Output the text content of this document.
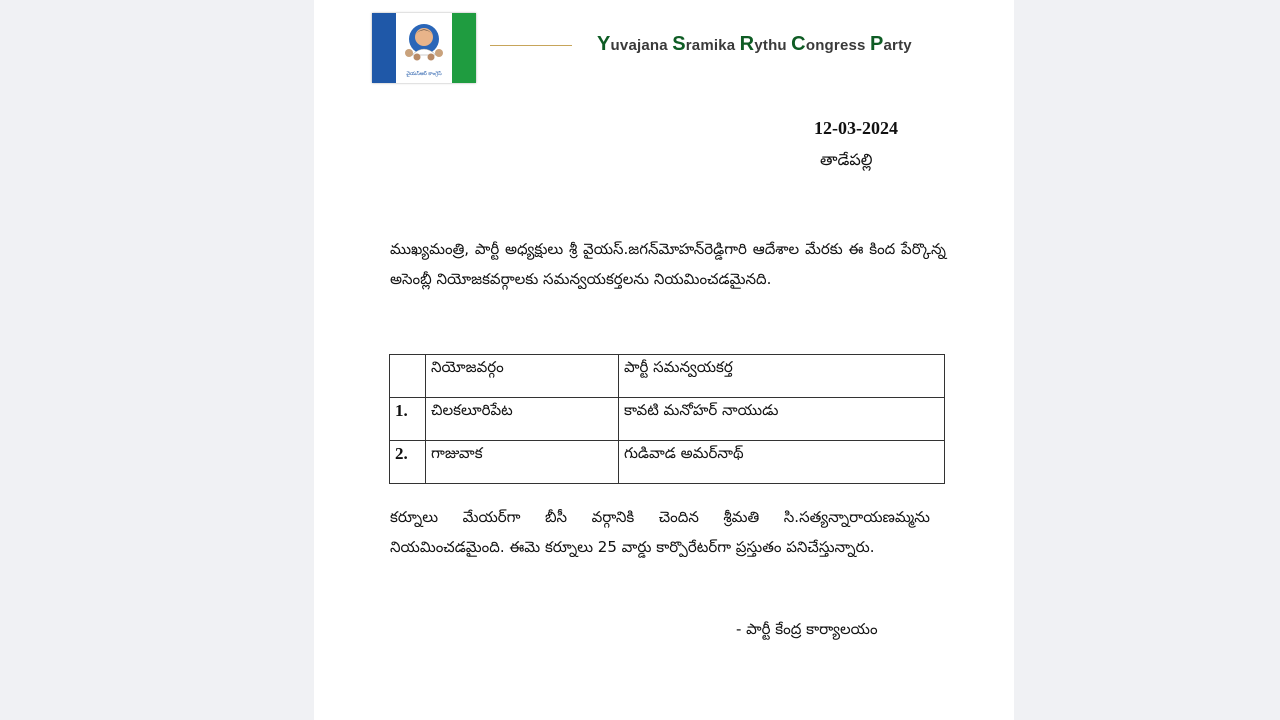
వైయస్ఆర్ కాంగ్రెస్
Yuvajana Sramika Rythu Congress Party
12-03-2024
తాడేపల్లి
ముఖ్యమంత్రి, పార్టీ అధ్యక్షులు శ్రీ వైయస్.జగన్‌మోహన్‌రెడ్డిగారి ఆదేశాల మేరకు ఈ కింద పేర్కొన్న అసెంబ్లీ నియోజకవర్గాలకు సమన్వయకర్తలను నియమించడమైనది.
	నియోజవర్గం	పార్టీ సమన్వయకర్త
1.	చిలకలూరిపేట	కావటి మనోహర్ నాయుడు
2.	గాజువాక	గుడివాడ అమర్‌నాథ్
కర్నూలు మేయర్‌గా బీసీ వర్గానికి చెందిన శ్రీమతి సి.సత్యన్నారాయణమ్మను నియమించడమైంది. ఈమె కర్నూలు 25 వార్డు కార్పొరేటర్‌గా ప్రస్తుతం పనిచేస్తున్నారు.
- పార్టీ కేంద్ర కార్యాలయం
